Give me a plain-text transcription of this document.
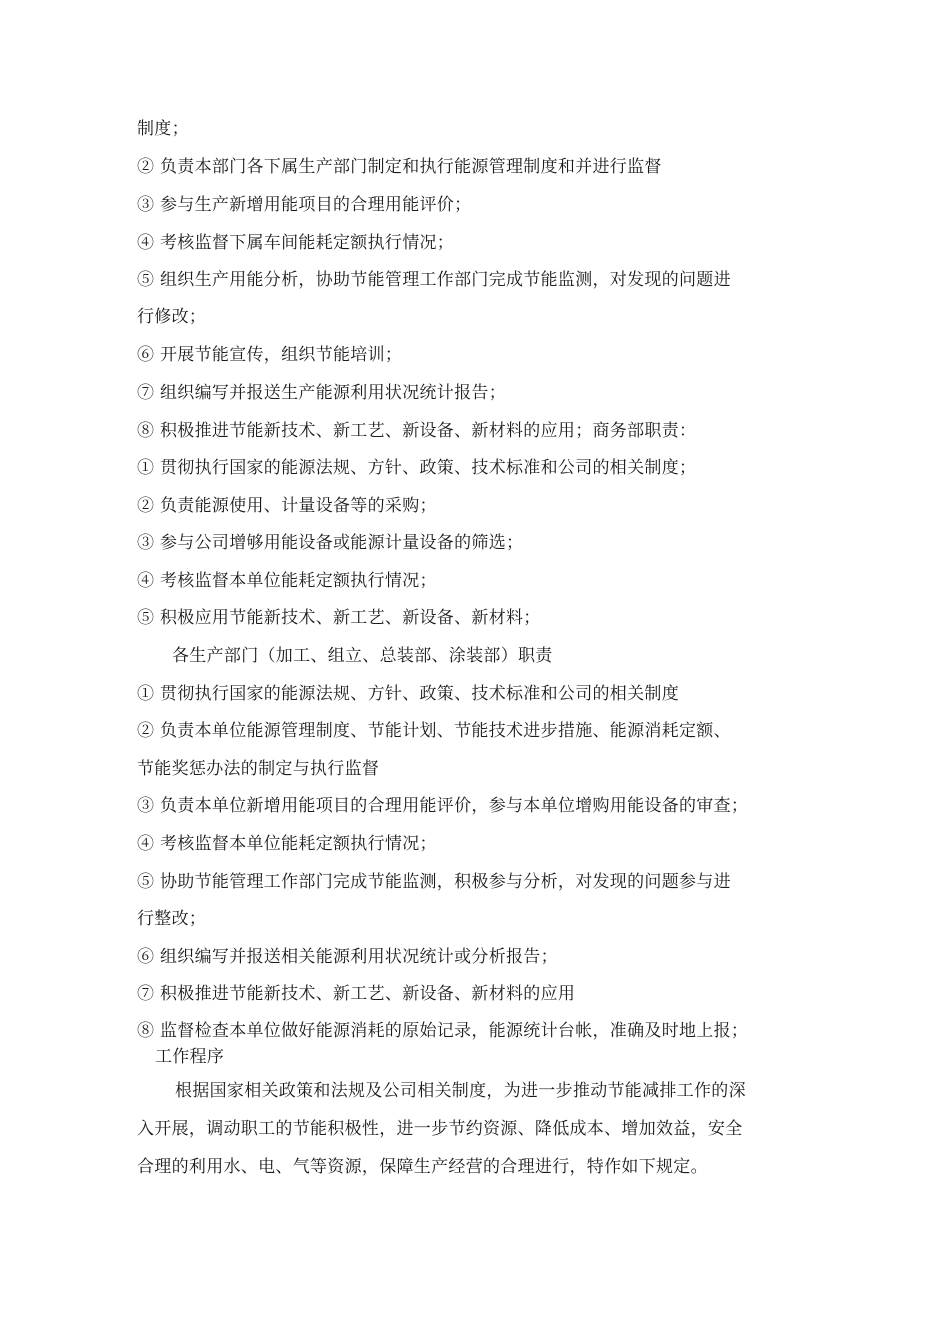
制度；
② 负责本部门各下属生产部门制定和执行能源管理制度和并进行监督
③ 参与生产新增用能项目的合理用能评价；
④ 考核监督下属车间能耗定额执行情况；
⑤ 组织生产用能分析，协助节能管理工作部门完成节能监测，对发现的问题进
行修改；
⑥ 开展节能宣传，组织节能培训；
⑦ 组织编写并报送生产能源利用状况统计报告；
⑧ 积极推进节能新技术、新工艺、新设备、新材料的应用；商务部职责：
① 贯彻执行国家的能源法规、方针、政策、技术标准和公司的相关制度；
② 负责能源使用、计量设备等的采购；
③ 参与公司增够用能设备或能源计量设备的筛选；
④ 考核监督本单位能耗定额执行情况；
⑤ 积极应用节能新技术、新工艺、新设备、新材料；
各生产部门（加工、组立、总装部、涂装部）职责
① 贯彻执行国家的能源法规、方针、政策、技术标准和公司的相关制度
② 负责本单位能源管理制度、节能计划、节能技术进步措施、能源消耗定额、
节能奖惩办法的制定与执行监督
③ 负责本单位新增用能项目的合理用能评价，参与本单位增购用能设备的审查；
④ 考核监督本单位能耗定额执行情况；
⑤ 协助节能管理工作部门完成节能监测，积极参与分析，对发现的问题参与进
行整改；
⑥ 组织编写并报送相关能源利用状况统计或分析报告；
⑦ 积极推进节能新技术、新工艺、新设备、新材料的应用
⑧ 监督检查本单位做好能源消耗的原始记录，能源统计台帐，准确及时地上报；
工作程序
根据国家相关政策和法规及公司相关制度，为进一步推动节能减排工作的深
入开展，调动职工的节能积极性，进一步节约资源、降低成本、增加效益，安全
合理的利用水、电、气等资源，保障生产经营的合理进行，特作如下规定。
